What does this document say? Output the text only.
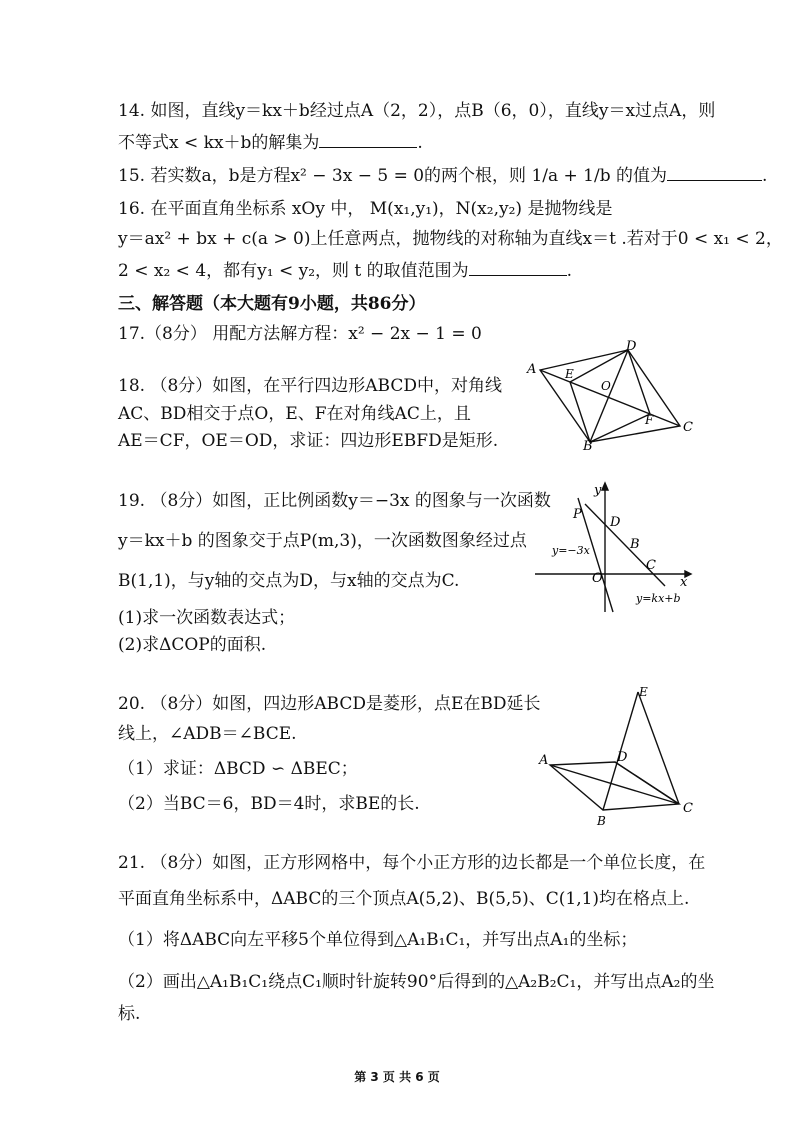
14. 如图，直线y＝kx＋b经过点A（2，2），点B（6，0），直线y＝x过点A，则
不等式x < kx＋b的解集为	.
15. 若实数a，b是方程x² − 3x − 5 = 0的两个根，则 1/a + 1/b 的值为	.
16. 在平面直角坐标系 xOy 中， M(x₁,y₁)，N(x₂,y₂) 是抛物线是
y＝ax² + bx + c(a > 0)上任意两点，抛物线的对称轴为直线x＝t .若对于0 < x₁ < 2，
2 < x₂ < 4，都有y₁ < y₂，则 t 的取值范围为	.
三、解答题（本大题有9小题，共86分）
17.（8分） 用配方法解方程：x² − 2x − 1 = 0
18. （8分）如图，在平行四边形ABCD中，对角线
AC、BD相交于点O，E、F在对角线AC上，且
AE＝CF，OE＝OD，求证：四边形EBFD是矩形.
A
B
C
D
E
F
O
19. （8分）如图，正比例函数y＝−3x 的图象与一次函数
y＝kx＋b 的图象交于点P(m,3)，一次函数图象经过点
B(1,1)，与y轴的交点为D，与x轴的交点为C.
(1)求一次函数表达式；
(2)求ΔCOP的面积.
y
x
P
D
B
C
O
y=−3x
y=kx+b
20. （8分）如图，四边形ABCD是菱形，点E在BD延长
线上，∠ADB＝∠BCE.
（1）求证：ΔBCD ∽ ΔBEC；
（2）当BC＝6，BD＝4时，求BE的长.
A
B
C
D
E
21. （8分）如图，正方形网格中，每个小正方形的边长都是一个单位长度，在
平面直角坐标系中，ΔABC的三个顶点A(5,2)、B(5,5)、C(1,1)均在格点上.
（1）将ΔABC向左平移5个单位得到△A₁B₁C₁，并写出点A₁的坐标；
（2）画出△A₁B₁C₁绕点C₁顺时针旋转90°后得到的△A₂B₂C₁，并写出点A₂的坐
标.
第 3 页 共 6 页
